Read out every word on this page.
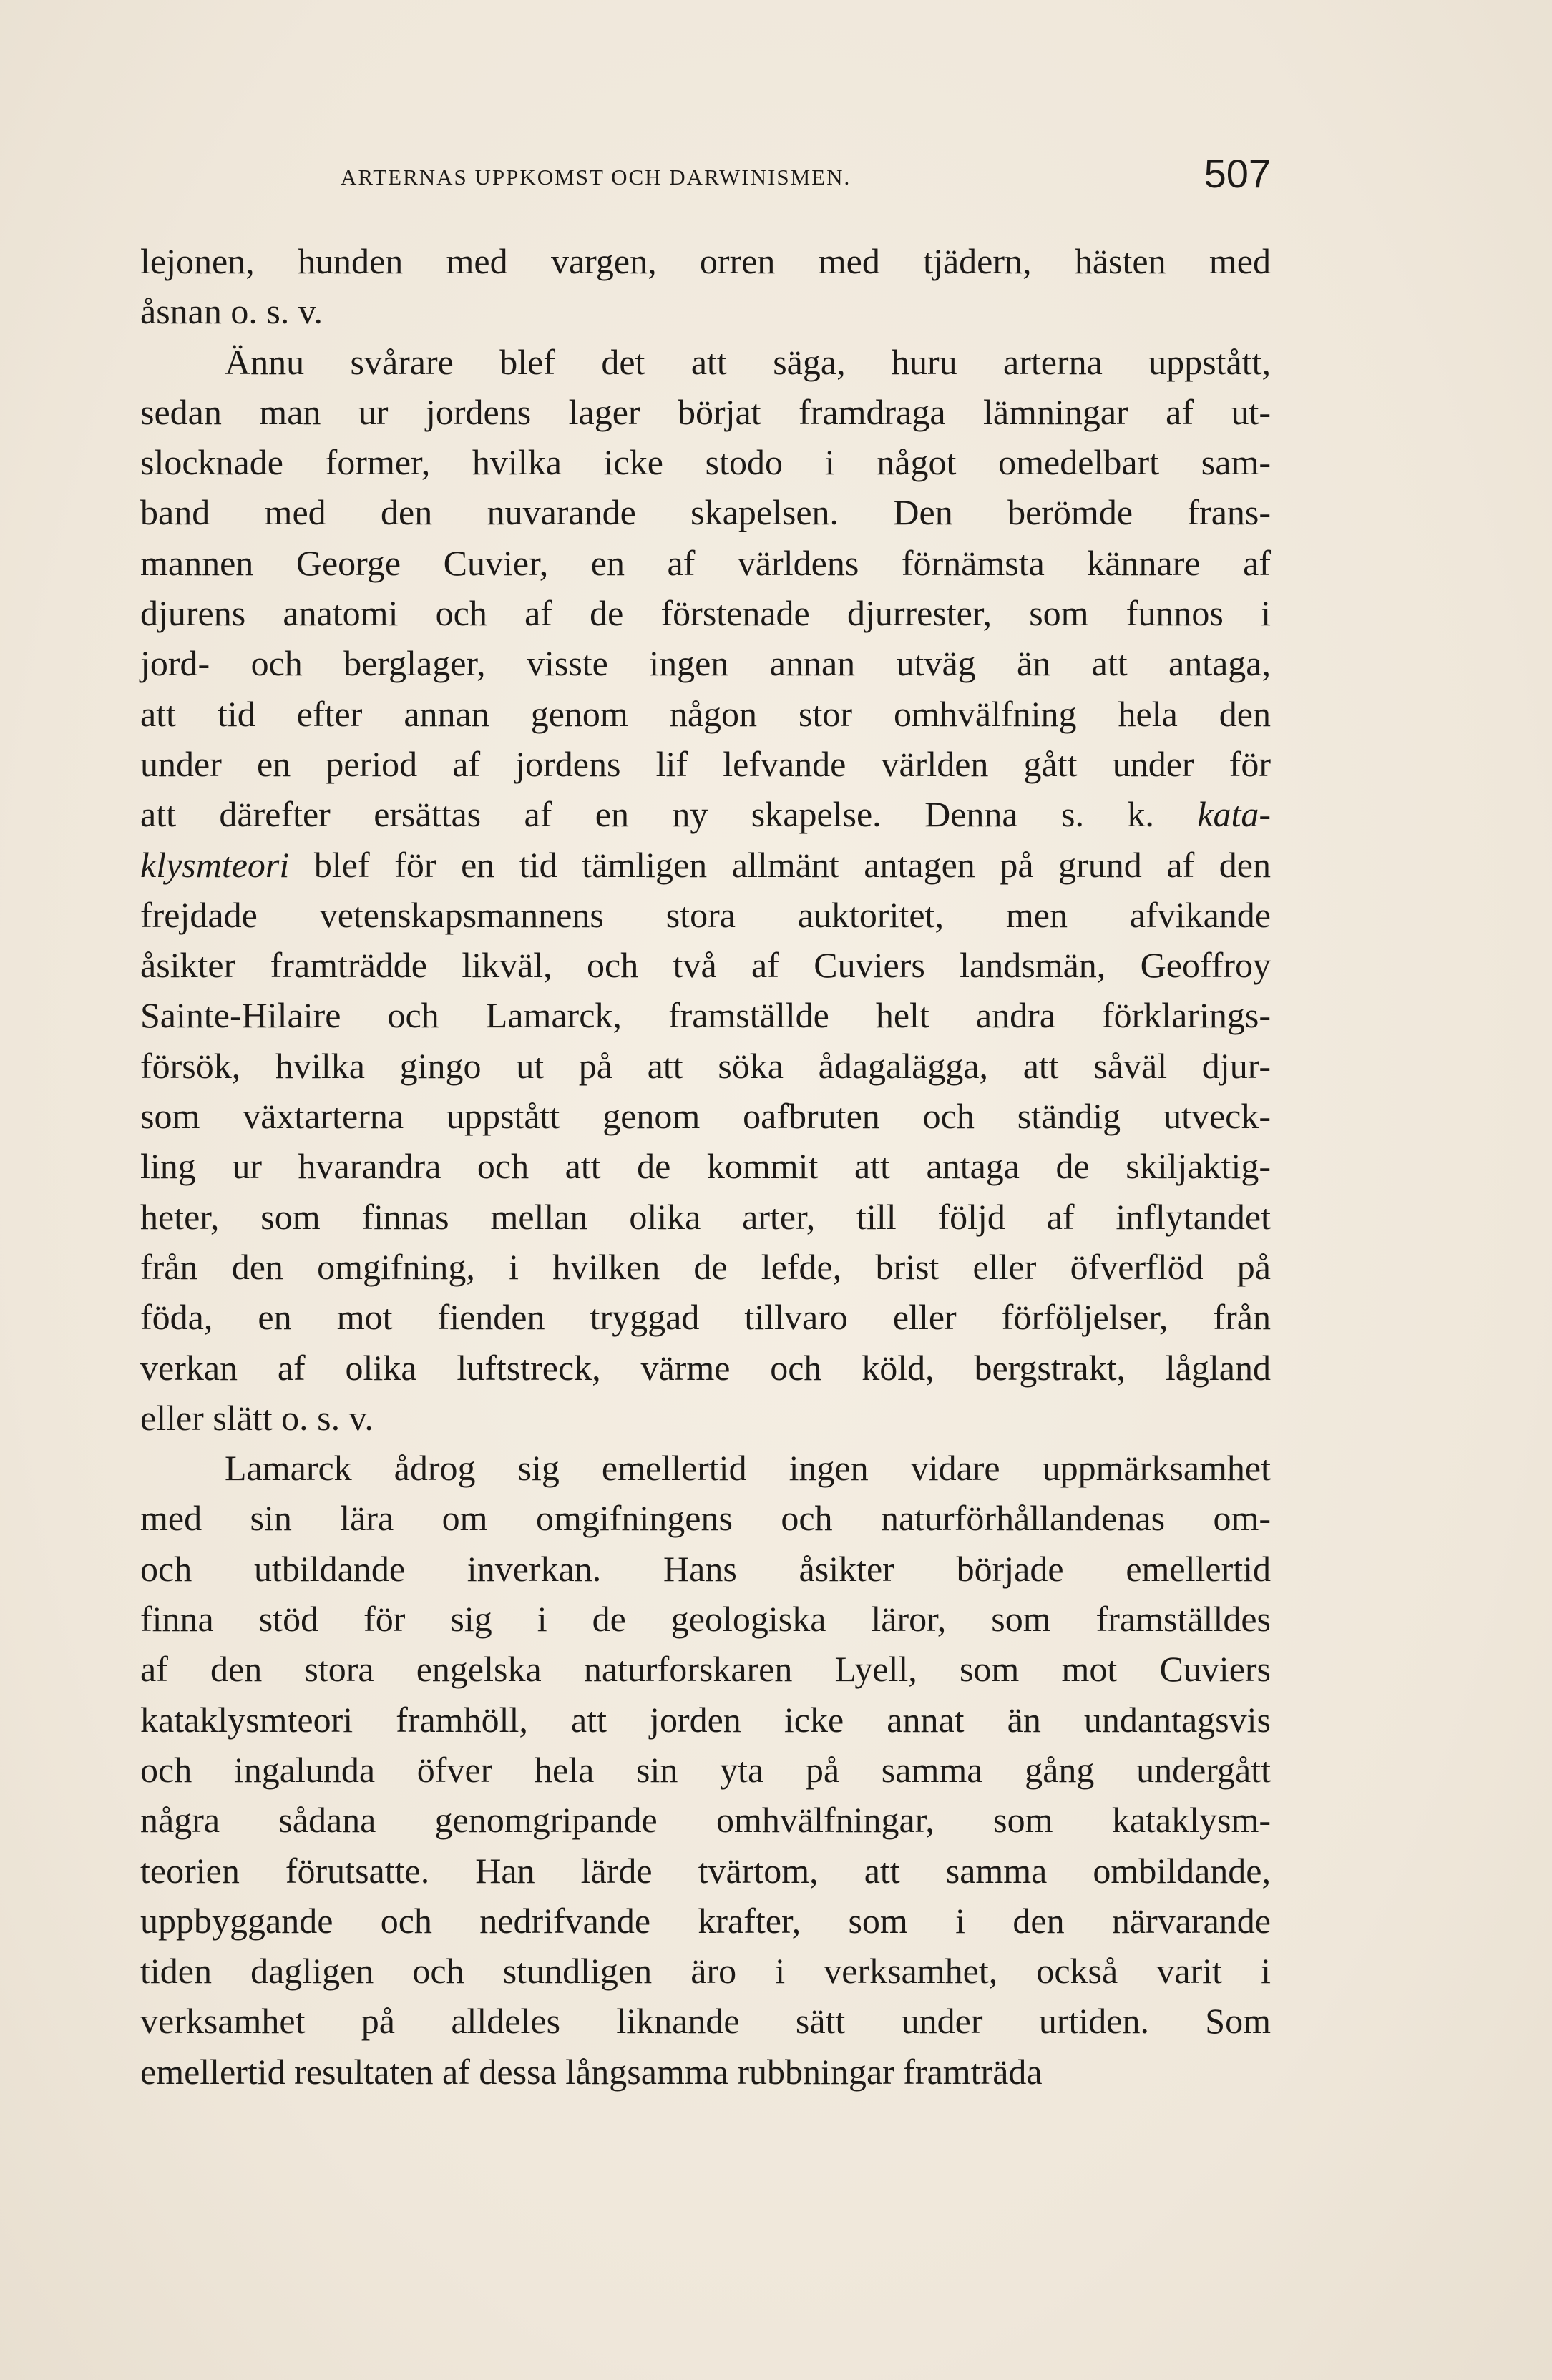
ARTERNAS UPPKOMST OCH DARWINISMEN.	507
lejonen, hunden med vargen, orren med tjädern, hästen med
åsnan o. s. v.
Ännu svårare blef det att säga, huru arterna uppstått,
sedan man ur jordens lager börjat framdraga lämningar af ut-
slocknade former, hvilka icke stodo i något omedelbart sam-
band med den nuvarande skapelsen. Den berömde frans-
mannen George Cuvier, en af världens förnämsta kännare af
djurens anatomi och af de förstenade djurrester, som funnos i
jord- och berglager, visste ingen annan utväg än att antaga,
att tid efter annan genom någon stor omhvälfning hela den
under en period af jordens lif lefvande världen gått under för
att därefter ersättas af en ny skapelse. Denna s. k. kata-
klysmteori blef för en tid tämligen allmänt antagen på grund af den
frejdade vetenskapsmannens stora auktoritet, men afvikande
åsikter framträdde likväl, och två af Cuviers landsmän, Geoffroy
Sainte-Hilaire och Lamarck, framställde helt andra förklarings-
försök, hvilka gingo ut på att söka ådagalägga, att såväl djur-
som växtarterna uppstått genom oafbruten och ständig utveck-
ling ur hvarandra och att de kommit att antaga de skiljaktig-
heter, som finnas mellan olika arter, till följd af inflytandet
från den omgifning, i hvilken de lefde, brist eller öfverflöd på
föda, en mot fienden tryggad tillvaro eller förföljelser, från
verkan af olika luftstreck, värme och köld, bergstrakt, lågland
eller slätt o. s. v.
Lamarck ådrog sig emellertid ingen vidare uppmärksamhet
med sin lära om omgifningens och naturförhållandenas om-
och utbildande inverkan. Hans åsikter började emellertid
finna stöd för sig i de geologiska läror, som framställdes
af den stora engelska naturforskaren Lyell, som mot Cuviers
kataklysmteori framhöll, att jorden icke annat än undantagsvis
och ingalunda öfver hela sin yta på samma gång undergått
några sådana genomgripande omhvälfningar, som kataklysm-
teorien förutsatte. Han lärde tvärtom, att samma ombildande,
uppbyggande och nedrifvande krafter, som i den närvarande
tiden dagligen och stundligen äro i verksamhet, också varit i
verksamhet på alldeles liknande sätt under urtiden. Som
emellertid resultaten af dessa långsamma rubbningar framträda
